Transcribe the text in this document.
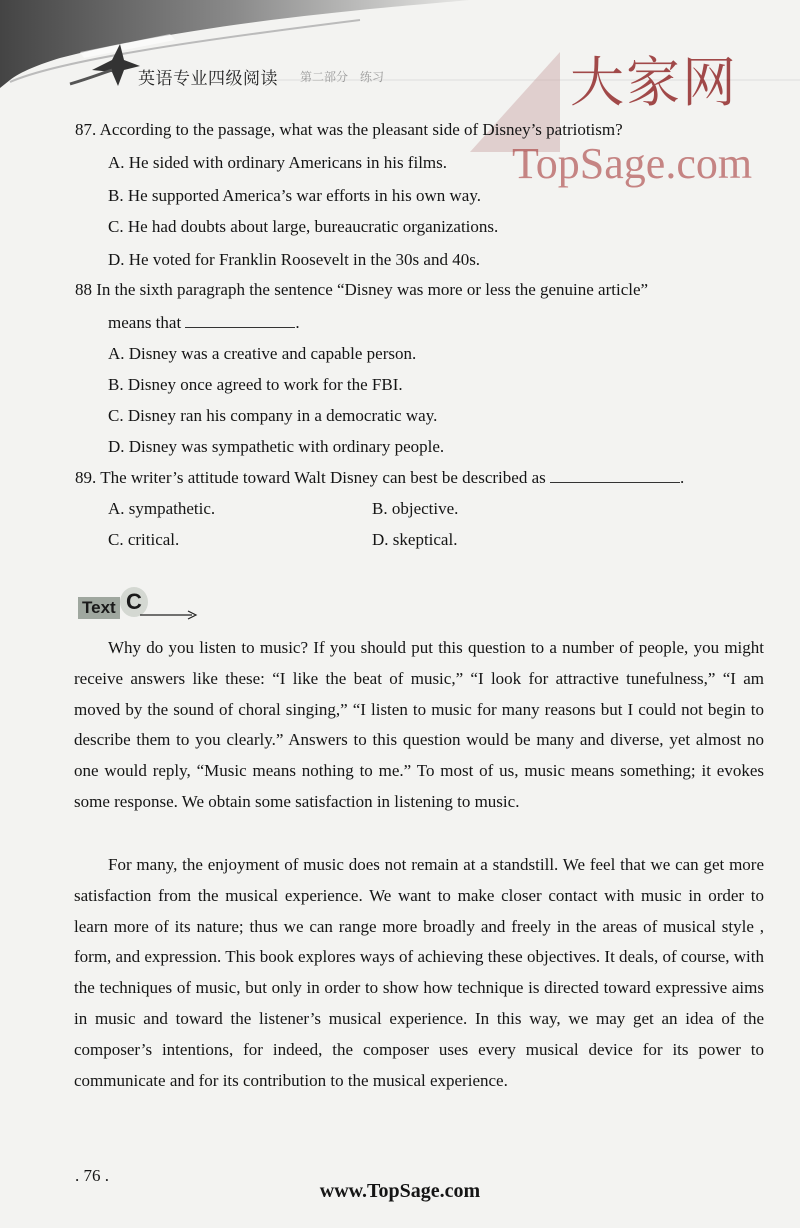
英语专业四级阅读 第二部分　练习	大家网
TopSage.com
87. According to the passage, what was the pleasant side of Disney’s patriotism?
A. He sided with ordinary Americans in his films.
B. He supported America’s war efforts in his own way.
C. He had doubts about large, bureaucratic organizations.
D. He voted for Franklin Roosevelt in the 30s and 40s.
88 In the sixth paragraph the sentence “Disney was more or less the genuine article”
means that	.
A. Disney was a creative and capable person.
B. Disney once agreed to work for the FBI.
C. Disney ran his company in a democratic way.
D. Disney was sympathetic with ordinary people.
89. The writer’s attitude toward Walt Disney can best be described as	.
A. sympathetic.	B. objective.
C. critical.	D. skeptical.
Text C
Why do you listen to music? If you should put this question to a number of people, you might receive answers like these: “I like the beat of music,” “I look for attractive tunefulness,” “I am moved by the sound of choral singing,” “I listen to music for many reasons but I could not begin to describe them to you clearly.” Answers to this question would be many and diverse, yet almost no one would reply, “Music means nothing to me.” To most of us, music means something; it evokes some response. We obtain some satisfaction in listening to music.
For many, the enjoyment of music does not remain at a standstill. We feel that we can get more satisfaction from the musical experience. We want to make closer contact with music in order to learn more of its nature; thus we can range more broadly and freely in the areas of musical style , form, and expression. This book explores ways of achieving these objectives. It deals, of course, with the techniques of music, but only in order to show how technique is directed toward expressive aims in music and toward the listener’s musical experience. In this way, we may get an idea of the composer’s intentions, for indeed, the composer uses every musical device for its power to communicate and for its contribution to the musical experience.
. 76 .
www.TopSage.com
